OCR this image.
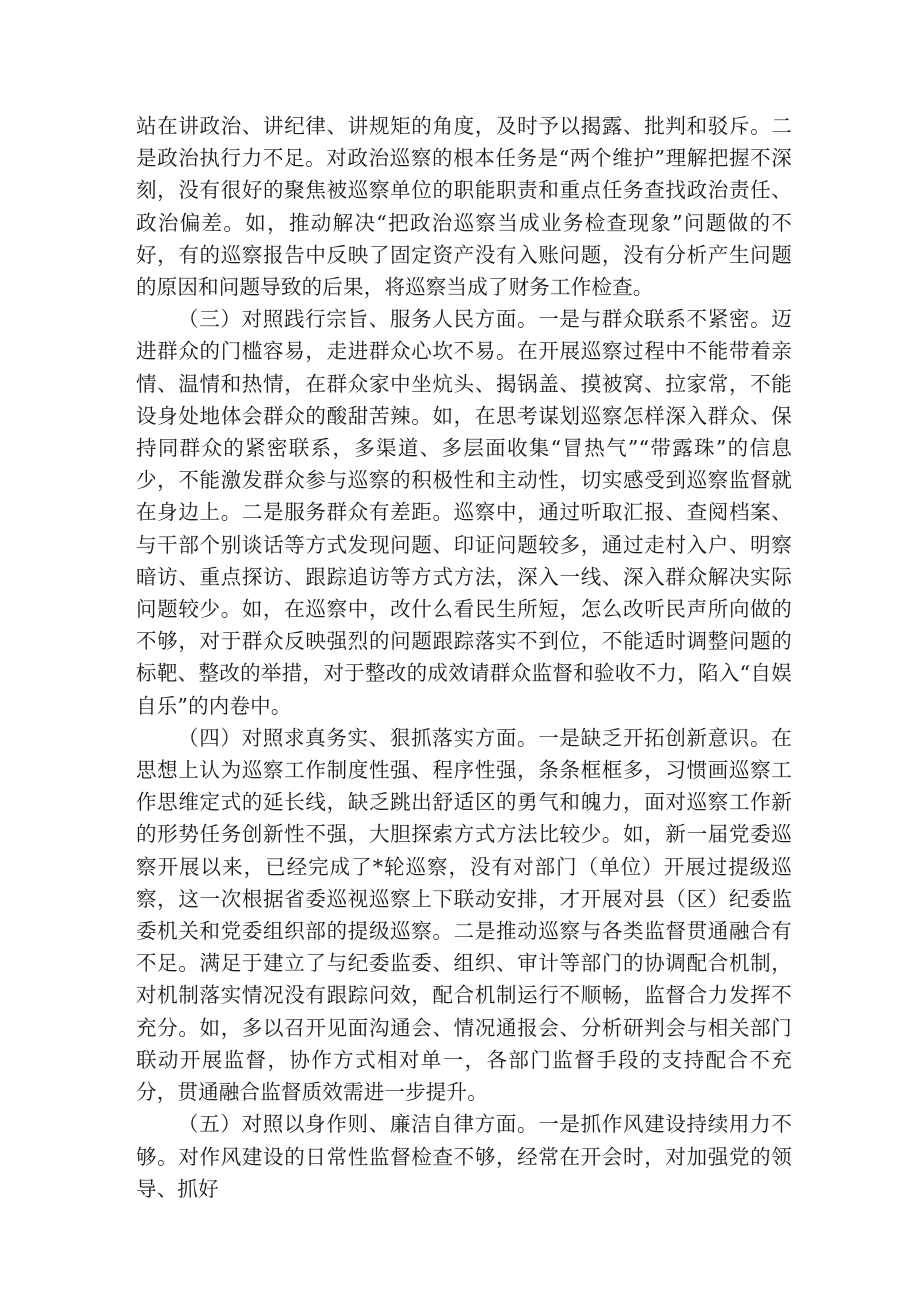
站在讲政治、讲纪律、讲规矩的角度，及时予以揭露、批判和驳斥。二是政治执行力不足。对政治巡察的根本任务是“两个维护”理解把握不深刻，没有很好的聚焦被巡察单位的职能职责和重点任务查找政治责任、政治偏差。如，推动解决“把政治巡察当成业务检查现象”问题做的不好，有的巡察报告中反映了固定资产没有入账问题，没有分析产生问题的原因和问题导致的后果，将巡察当成了财务工作检查。

（三）对照践行宗旨、服务人民方面。一是与群众联系不紧密。迈进群众的门槛容易，走进群众心坎不易。在开展巡察过程中不能带着亲情、温情和热情，在群众家中坐炕头、揭锅盖、摸被窝、拉家常，不能设身处地体会群众的酸甜苦辣。如，在思考谋划巡察怎样深入群众、保持同群众的紧密联系，多渠道、多层面收集“冒热气”“带露珠”的信息少，不能激发群众参与巡察的积极性和主动性，切实感受到巡察监督就在身边上。二是服务群众有差距。巡察中，通过听取汇报、查阅档案、与干部个别谈话等方式发现问题、印证问题较多，通过走村入户、明察暗访、重点探访、跟踪追访等方式方法，深入一线、深入群众解决实际问题较少。如，在巡察中，改什么看民生所短，怎么改听民声所向做的不够，对于群众反映强烈的问题跟踪落实不到位，不能适时调整问题的标靶、整改的举措，对于整改的成效请群众监督和验收不力，陷入“自娱自乐”的内卷中。

（四）对照求真务实、狠抓落实方面。一是缺乏开拓创新意识。在思想上认为巡察工作制度性强、程序性强，条条框框多，习惯画巡察工作思维定式的延长线，缺乏跳出舒适区的勇气和魄力，面对巡察工作新的形势任务创新性不强，大胆探索方式方法比较少。如，新一届党委巡察开展以来，已经完成了*轮巡察，没有对部门（单位）开展过提级巡察，这一次根据省委巡视巡察上下联动安排，才开展对县（区）纪委监委机关和党委组织部的提级巡察。二是推动巡察与各类监督贯通融合有不足。满足于建立了与纪委监委、组织、审计等部门的协调配合机制，对机制落实情况没有跟踪问效，配合机制运行不顺畅，监督合力发挥不充分。如，多以召开见面沟通会、情况通报会、分析研判会与相关部门联动开展监督，协作方式相对单一，各部门监督手段的支持配合不充分，贯通融合监督质效需进一步提升。

（五）对照以身作则、廉洁自律方面。一是抓作风建设持续用力不够。对作风建设的日常性监督检查不够，经常在开会时，对加强党的领导、抓好
